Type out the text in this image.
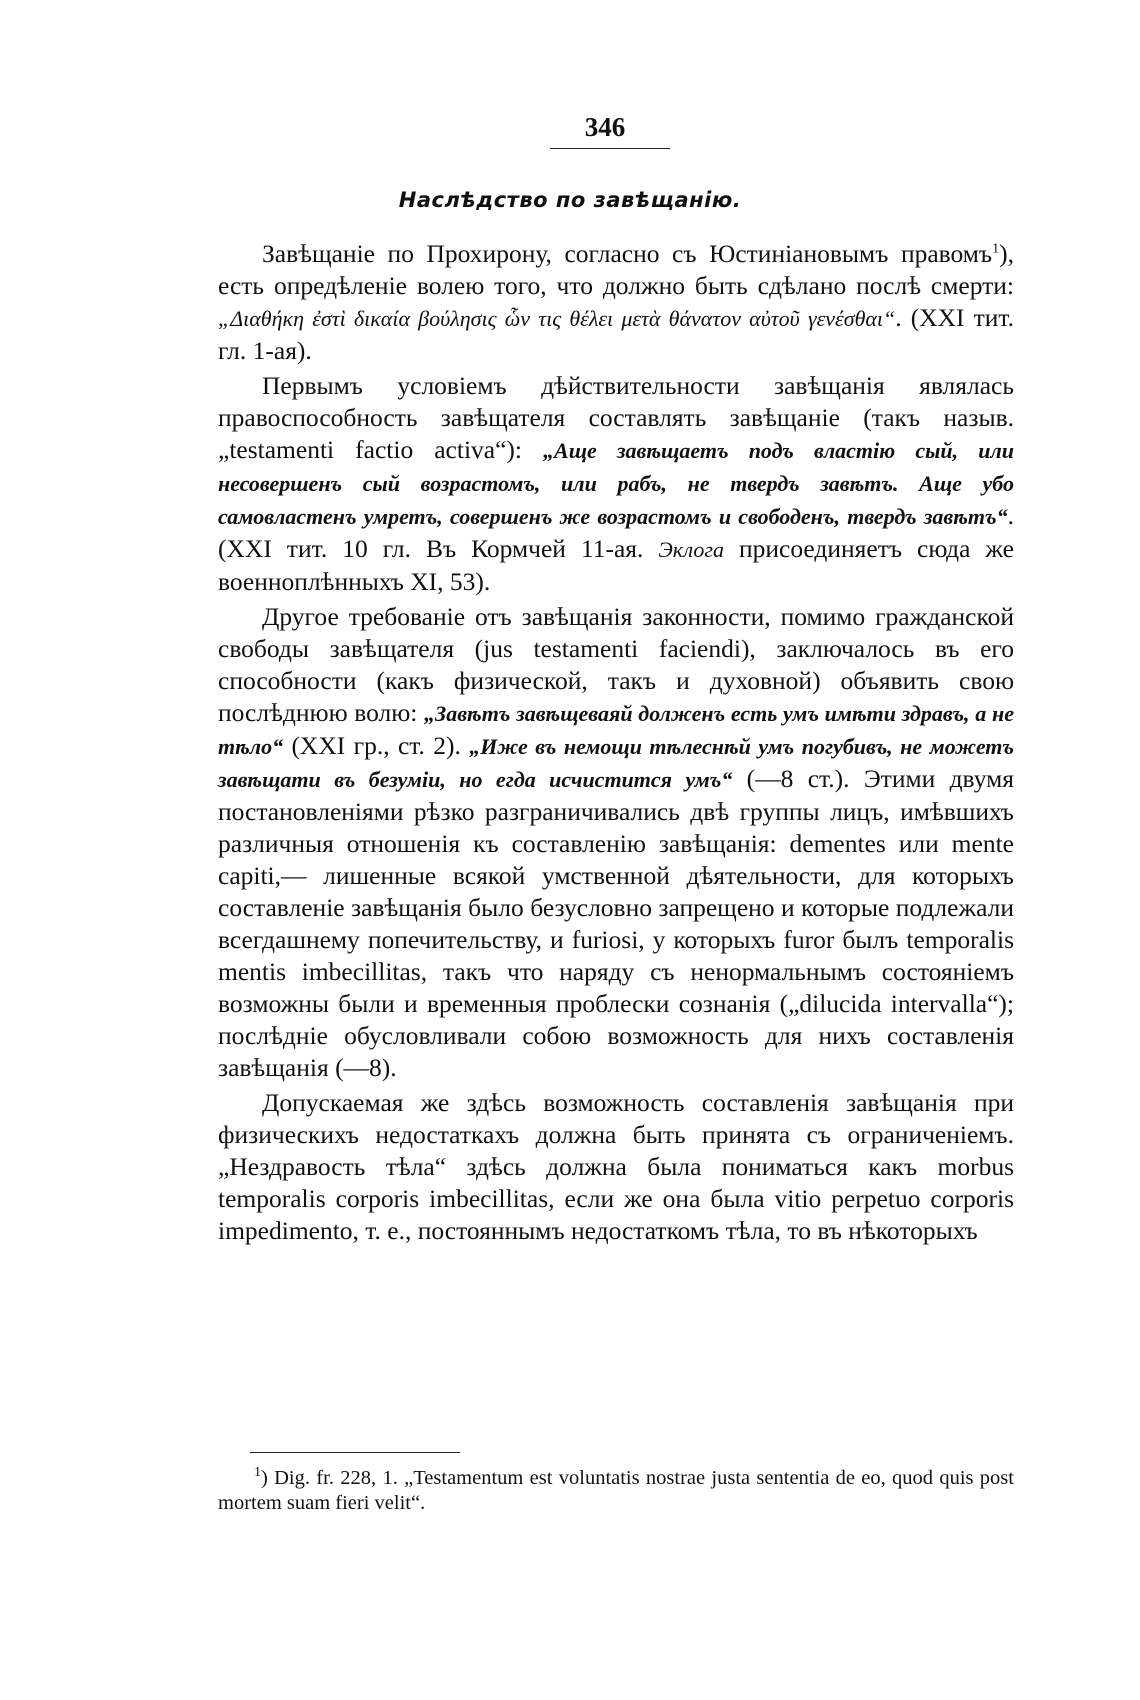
346
Наслѣдство по завѣщанію.

Завѣщаніе по Прохирону, согласно съ Юстиніановымъ правомъ$^1$), есть опредѣленіе волею того, что должно быть сдѣлано послѣ смерти: „Διαθήκη ἐστὶ δικαία βούλησις ὧν τις θέλει μετὰ θάνατον αὐτοῦ γενέσθαι“. (XXI тит. гл. 1-ая).

Первымъ условіемъ дѣйствительности завѣщанія являлась правоспособность завѣщателя составлять завѣщаніе (такъ назыв. „testamenti factio activa“): „Аще завѣщаетъ подъ властію сый, или несовершенъ сый возрастомъ, или рабъ, не твердъ завѣтъ. Аще убо самовластенъ умретъ, совершенъ же возрастомъ и свободенъ, твердъ завѣтъ“. (XXI тит. 10 гл. Въ Кормчей 11-ая. Эклога присоединяетъ сюда же военноплѣнныхъ XI, 53).

Другое требованіе отъ завѣщанія законности, помимо гражданской свободы завѣщателя (jus testamenti faciendi), заключалось въ его способности (какъ физической, такъ и духовной) объявить свою послѣднюю волю: „Завѣтъ завѣщеваяй долженъ есть умъ имѣти здравъ, а не тѣло“ (XXI гр., ст. 2). „Иже въ немощи тѣлеснѣй умъ погубивъ, не можетъ завѣщати въ безуміи, но егда исчистится умъ“ (—8 ст.). Этими двумя постановленіями рѣзко разграничивались двѣ группы лицъ, имѣвшихъ различныя отношенія къ составленію завѣщанія: dementes или mente capiti,— лишенные всякой умственной дѣятельности, для которыхъ составленіе завѣщанія было безусловно запрещено и которые подлежали всегдашнему попечительству, и furiosi, у которыхъ furor былъ temporalis mentis imbecillitas, такъ что наряду съ ненормальнымъ состояніемъ возможны были и временныя проблески сознанія („dilucida intervalla“); послѣдніе обусловливали собою возможность для нихъ составленія завѣщанія (—8).

Допускаемая же здѣсь возможность составленія завѣщанія при физическихъ недостаткахъ должна быть принята съ ограниченіемъ. „Нездравость тѣла“ здѣсь должна была пониматься какъ morbus temporalis corporis imbecillitas, если же она была vitio perpetuo corporis impedimento, т. е., постояннымъ недостаткомъ тѣла, то въ нѣкоторыхъ

$^1$) Dig. fr. 228, 1. „Testamentum est voluntatis nostrae justa sententia de eo, quod quis post mortem suam fieri velit“.
